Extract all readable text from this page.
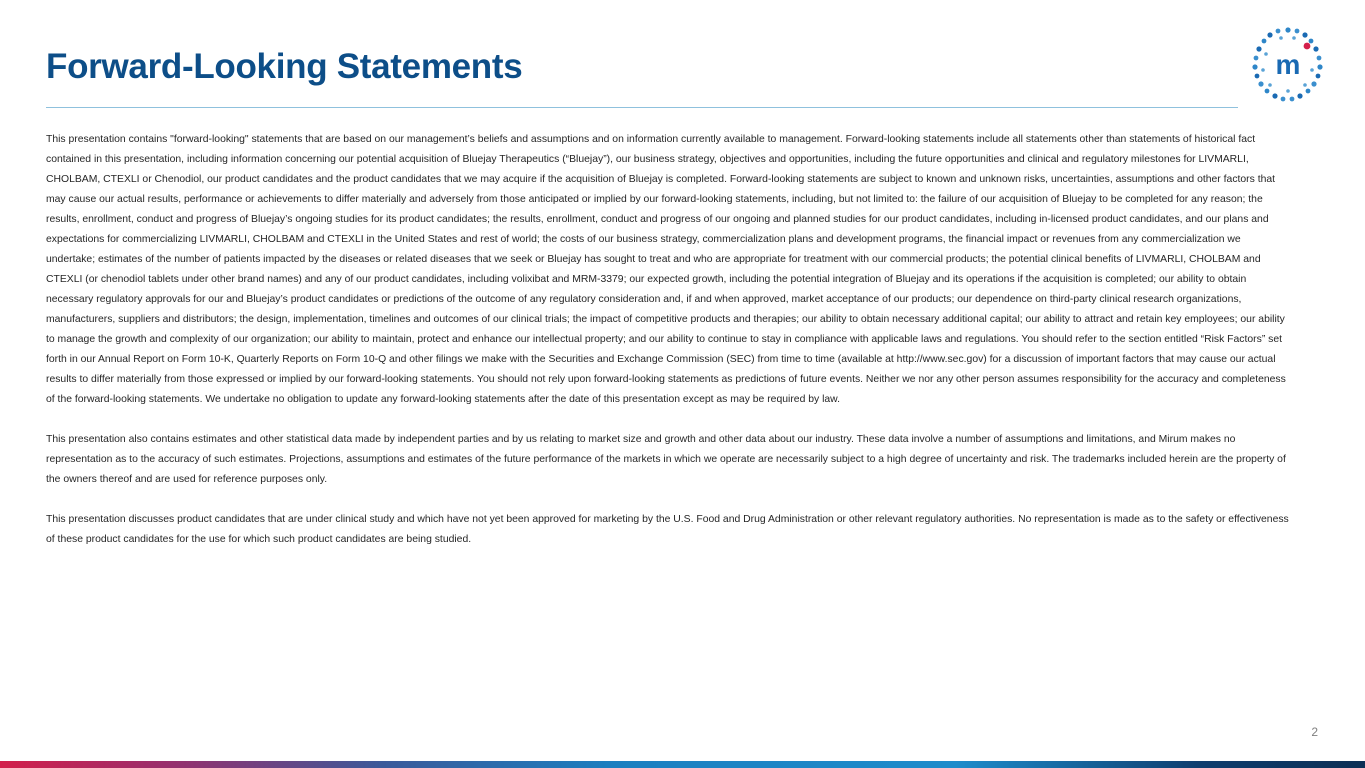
Forward-Looking Statements	m

This presentation contains "forward-looking" statements that are based on our management’s beliefs and assumptions and on information currently available to management. Forward-looking statements include all statements other than statements of historical fact contained in this presentation, including information concerning our potential acquisition of Bluejay Therapeutics (“Bluejay”), our business strategy, objectives and opportunities, including the future opportunities and clinical and regulatory milestones for LIVMARLI, CHOLBAM, CTEXLI or Chenodiol, our product candidates and the product candidates that we may acquire if the acquisition of Bluejay is completed. Forward-looking statements are subject to known and unknown risks, uncertainties, assumptions and other factors that may cause our actual results, performance or achievements to differ materially and adversely from those anticipated or implied by our forward-looking statements, including, but not limited to: the failure of our acquisition of Bluejay to be completed for any reason; the results, enrollment, conduct and progress of Bluejay’s ongoing studies for its product candidates; the results, enrollment, conduct and progress of our ongoing and planned studies for our product candidates, including in-licensed product candidates, and our plans and expectations for commercializing LIVMARLI, CHOLBAM and CTEXLI in the United States and rest of world; the costs of our business strategy, commercialization plans and development programs, the financial impact or revenues from any commercialization we undertake; estimates of the number of patients impacted by the diseases or related diseases that we seek or Bluejay has sought to treat and who are appropriate for treatment with our commercial products; the potential clinical benefits of LIVMARLI, CHOLBAM and CTEXLI (or chenodiol tablets under other brand names) and any of our product candidates, including volixibat and MRM-3379; our expected growth, including the potential integration of Bluejay and its operations if the acquisition is completed; our ability to obtain necessary regulatory approvals for our and Bluejay’s product candidates or predictions of the outcome of any regulatory consideration and, if and when approved, market acceptance of our products; our dependence on third-party clinical research organizations, manufacturers, suppliers and distributors; the design, implementation, timelines and outcomes of our clinical trials; the impact of competitive products and therapies; our ability to obtain necessary additional capital; our ability to attract and retain key employees; our ability to manage the growth and complexity of our organization; our ability to maintain, protect and enhance our intellectual property; and our ability to continue to stay in compliance with applicable laws and regulations. You should refer to the section entitled “Risk Factors” set forth in our Annual Report on Form 10-K, Quarterly Reports on Form 10-Q and other filings we make with the Securities and Exchange Commission (SEC) from time to time (available at http://www.sec.gov) for a discussion of important factors that may cause our actual results to differ materially from those expressed or implied by our forward-looking statements. You should not rely upon forward-looking statements as predictions of future events. Neither we nor any other person assumes responsibility for the accuracy and completeness of the forward-looking statements. We undertake no obligation to update any forward-looking statements after the date of this presentation except as may be required by law.

This presentation also contains estimates and other statistical data made by independent parties and by us relating to market size and growth and other data about our industry. These data involve a number of assumptions and limitations, and Mirum makes no representation as to the accuracy of such estimates. Projections, assumptions and estimates of the future performance of the markets in which we operate are necessarily subject to a high degree of uncertainty and risk. The trademarks included herein are the property of the owners thereof and are used for reference purposes only.

This presentation discusses product candidates that are under clinical study and which have not yet been approved for marketing by the U.S. Food and Drug Administration or other relevant regulatory authorities. No representation is made as to the safety or effectiveness of these product candidates for the use for which such product candidates are being studied.

2
